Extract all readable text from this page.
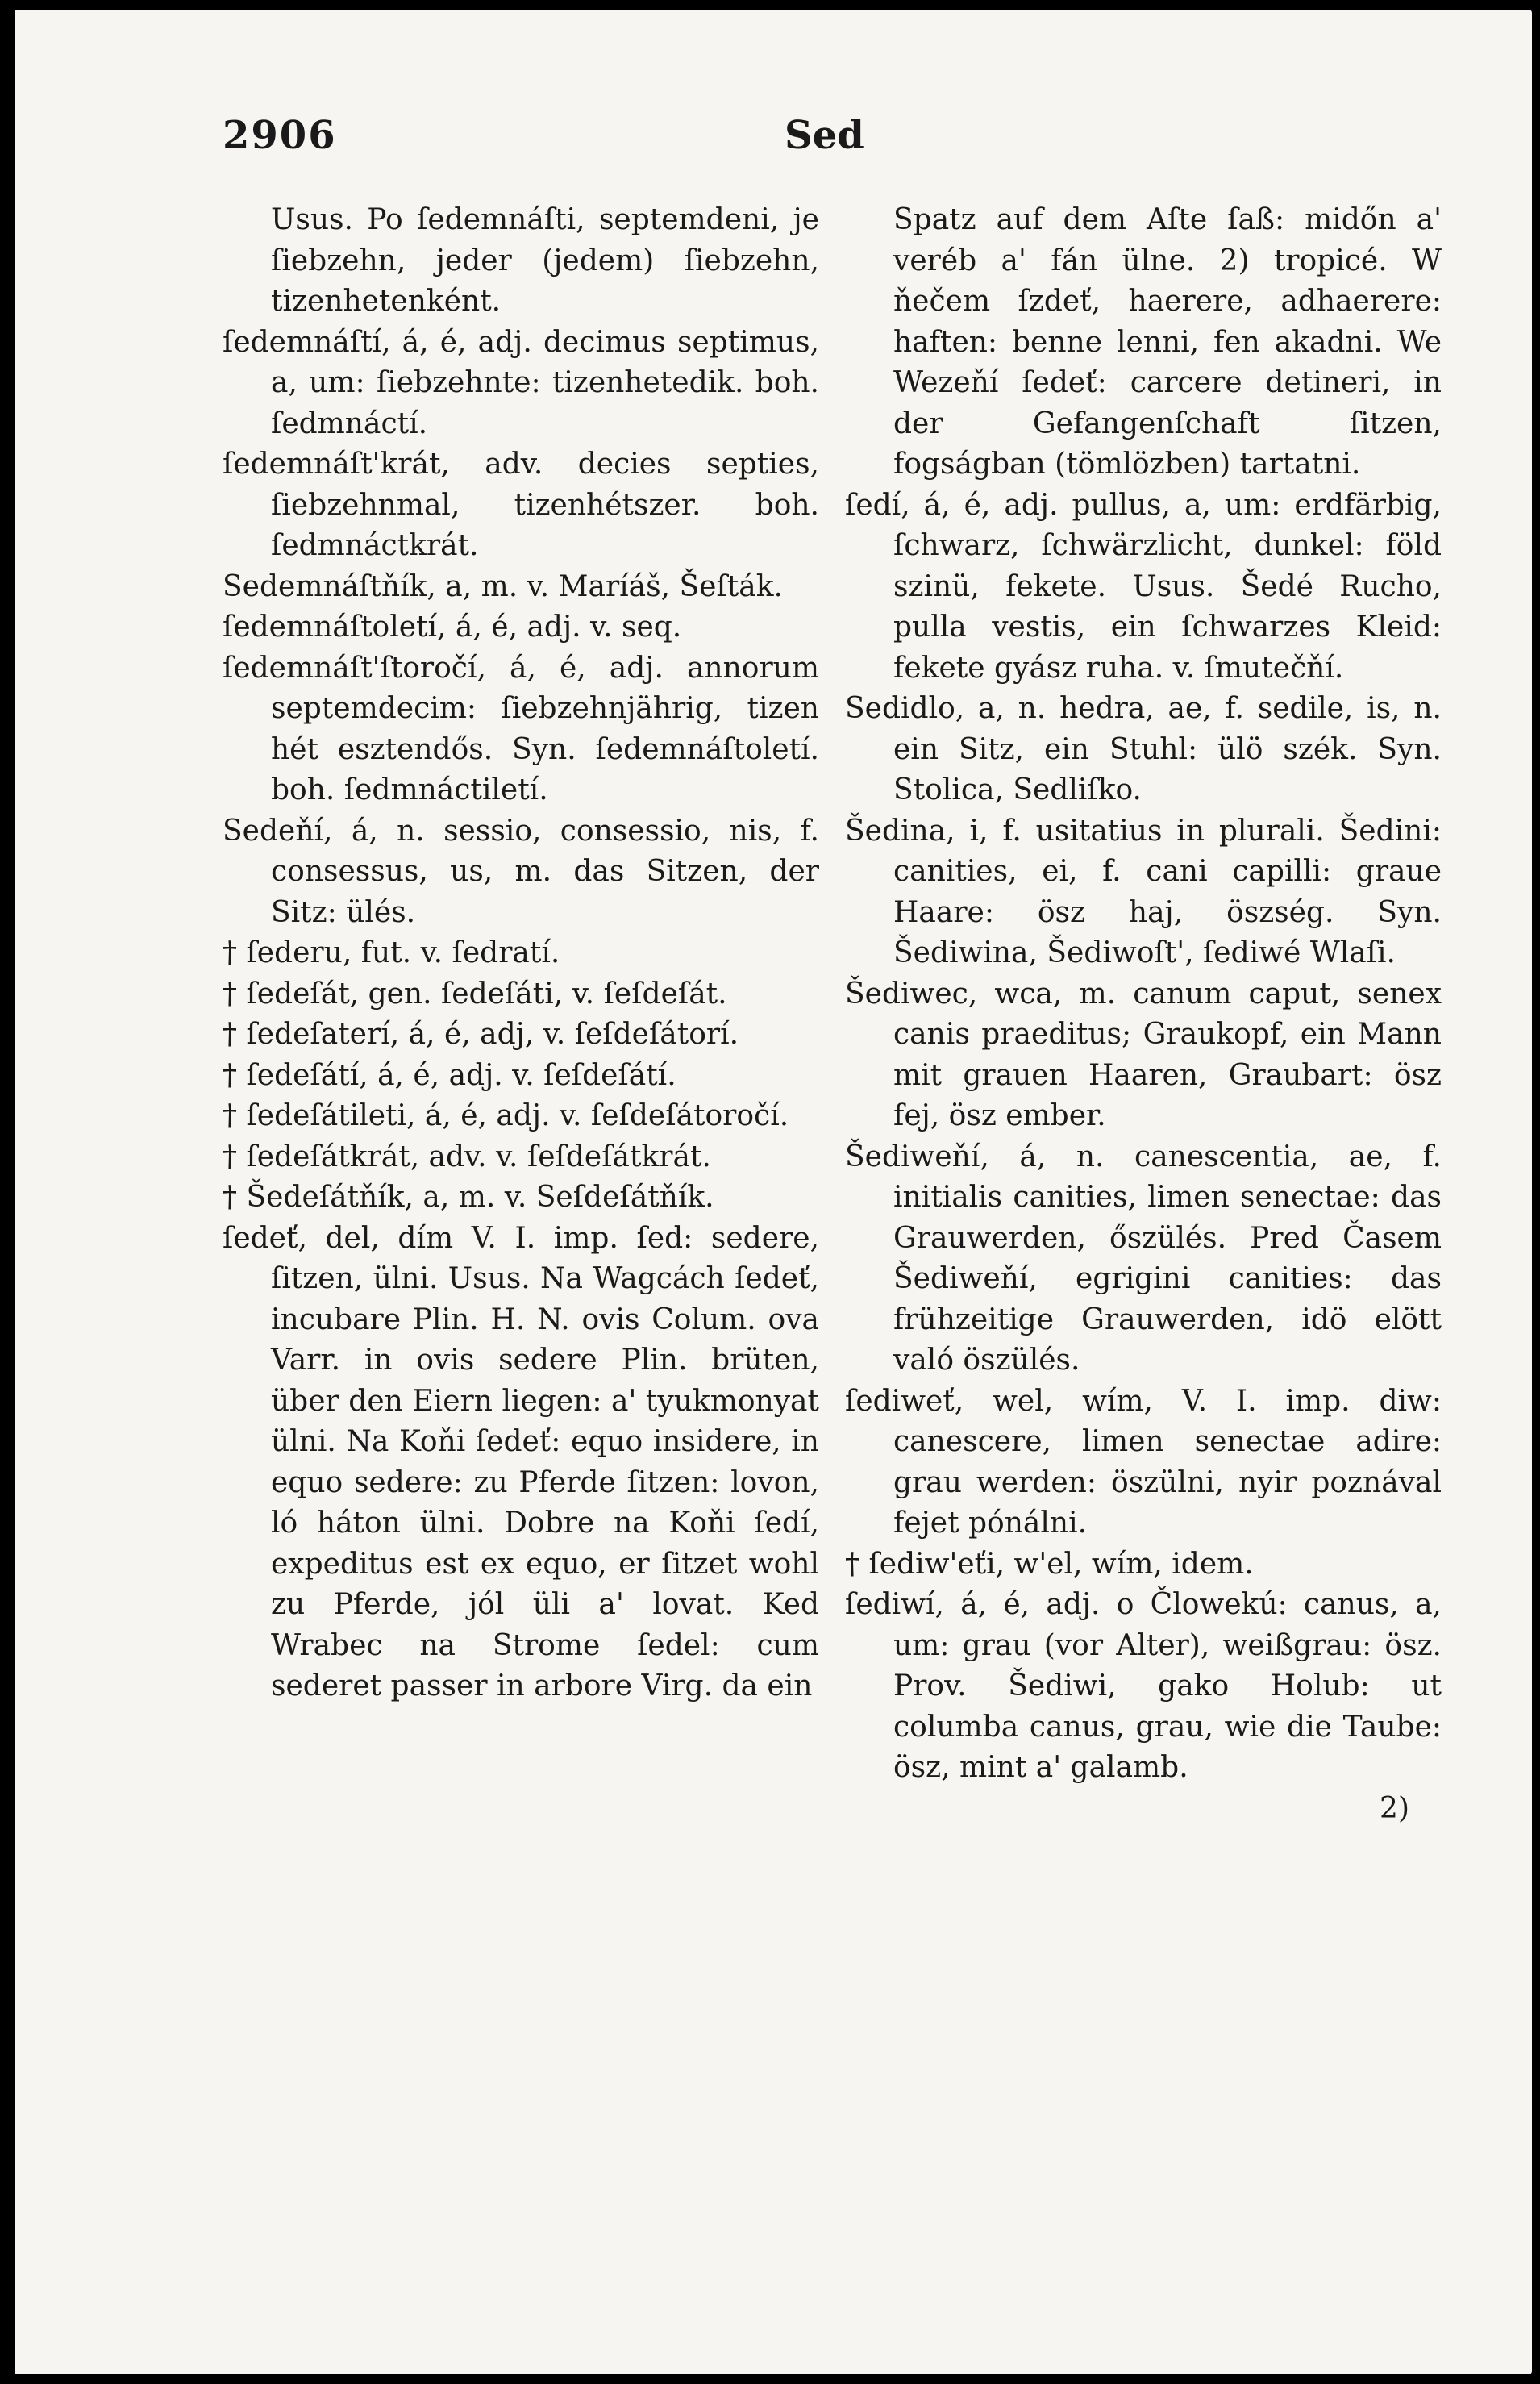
2906	Sed

Usus. Po ſedemnáſti, septemdeni, je ſiebzehn, jeder (jedem) ſiebzehn, tizenhetenként.

ſedemnáſtí, á, é, adj. decimus septimus, a, um: ſiebzehnte: tizenhetedik. boh. ſedmnáctí.

ſedemnáſt'krát, adv. decies septies, ſiebzehnmal, tizenhétszer. boh. ſedmnáctkrát.

Sedemnáſtňík, a, m. v. Maríáš, Šeſták.

ſedemnáſtoletí, á, é, adj. v. seq.

ſedemnáſt'ſtoročí, á, é, adj. annorum septemdecim: ſiebzehnjährig, tizen hét esztendős. Syn. ſedemnáſtoletí. boh. ſedmnáctiletí.

Sedeňí, á, n. sessio, consessio, nis, f. consessus, us, m. das Sitzen, der Sitz: ülés.

† ſederu, fut. v. ſedratí.

† ſedeſát, gen. ſedeſáti, v. ſeſdeſát.

† ſedeſaterí, á, é, adj, v. ſeſdeſátorí.

† ſedeſátí, á, é, adj. v. ſeſdeſátí.

† ſedeſátileti, á, é, adj. v. ſeſdeſátoročí.

† ſedeſátkrát, adv. v. ſeſdeſátkrát.

† Šedeſátňík, a, m. v. Seſdeſátňík.

ſedeť, del, dím V. I. imp. ſed: sedere, ſitzen, ülni. Usus. Na Wagcách ſedeť, incubare Plin. H. N. ovis Colum. ova Varr. in ovis sedere Plin. brüten, über den Eiern liegen: a' tyukmonyat ülni. Na Koňi ſedeť: equo insidere, in equo sedere: zu Pferde ſitzen: lovon, ló háton ülni. Dobre na Koňi ſedí, expeditus est ex equo, er ſitzet wohl zu Pferde, jól üli a' lovat. Ked Wrabec na Strome ſedel: cum sederet passer in arbore Virg. da ein

Spatz auf dem Aſte ſaß: midőn a' veréb a' fán ülne. 2) tropicé. W ňečem ſzdeť, haerere, adhaerere: haften: benne lenni, fen akadni. We Wezeňí ſedeť: carcere detineri, in der Gefangenſchaft ſitzen, fogságban (tömlözben) tartatni.

ſedí, á, é, adj. pullus, a, um: erdfärbig, ſchwarz, ſchwärzlicht, dunkel: föld szinü, fekete. Usus. Šedé Rucho, pulla vestis, ein ſchwarzes Kleid: fekete gyász ruha. v. ſmutečňí.

Sedidlo, a, n. hedra, ae, f. sedile, is, n. ein Sitz, ein Stuhl: ülö szék. Syn. Stolica, Sedliſko.

Šedina, i, f. usitatius in plurali. Šedini: canities, ei, f. cani capilli: graue Haare: ösz haj, öszség. Syn. Šediwina, Šediwoſt', ſediwé Wlaſi.

Šediwec, wca, m. canum caput, senex canis praeditus; Graukopf, ein Mann mit grauen Haaren, Graubart: ösz fej, ösz ember.

Šediweňí, á, n. canescentia, ae, f. initialis canities, limen senectae: das Grauwerden, őszülés. Pred Časem Šediweňí, egrigini canities: das frühzeitige Grauwerden, idö elött való öszülés.

ſediweť, wel, wím, V. I. imp. diw: canescere, limen senectae adire: grau werden: öszülni, nyir poznával fejet pónálni.

† ſediw'eťi, w'el, wím, idem.

ſediwí, á, é, adj. o Člowekú: canus, a, um: grau (vor Alter), weißgrau: ösz. Prov. Šediwi, gako Holub: ut columba canus, grau, wie die Taube: ösz, mint a' galamb.

2)
